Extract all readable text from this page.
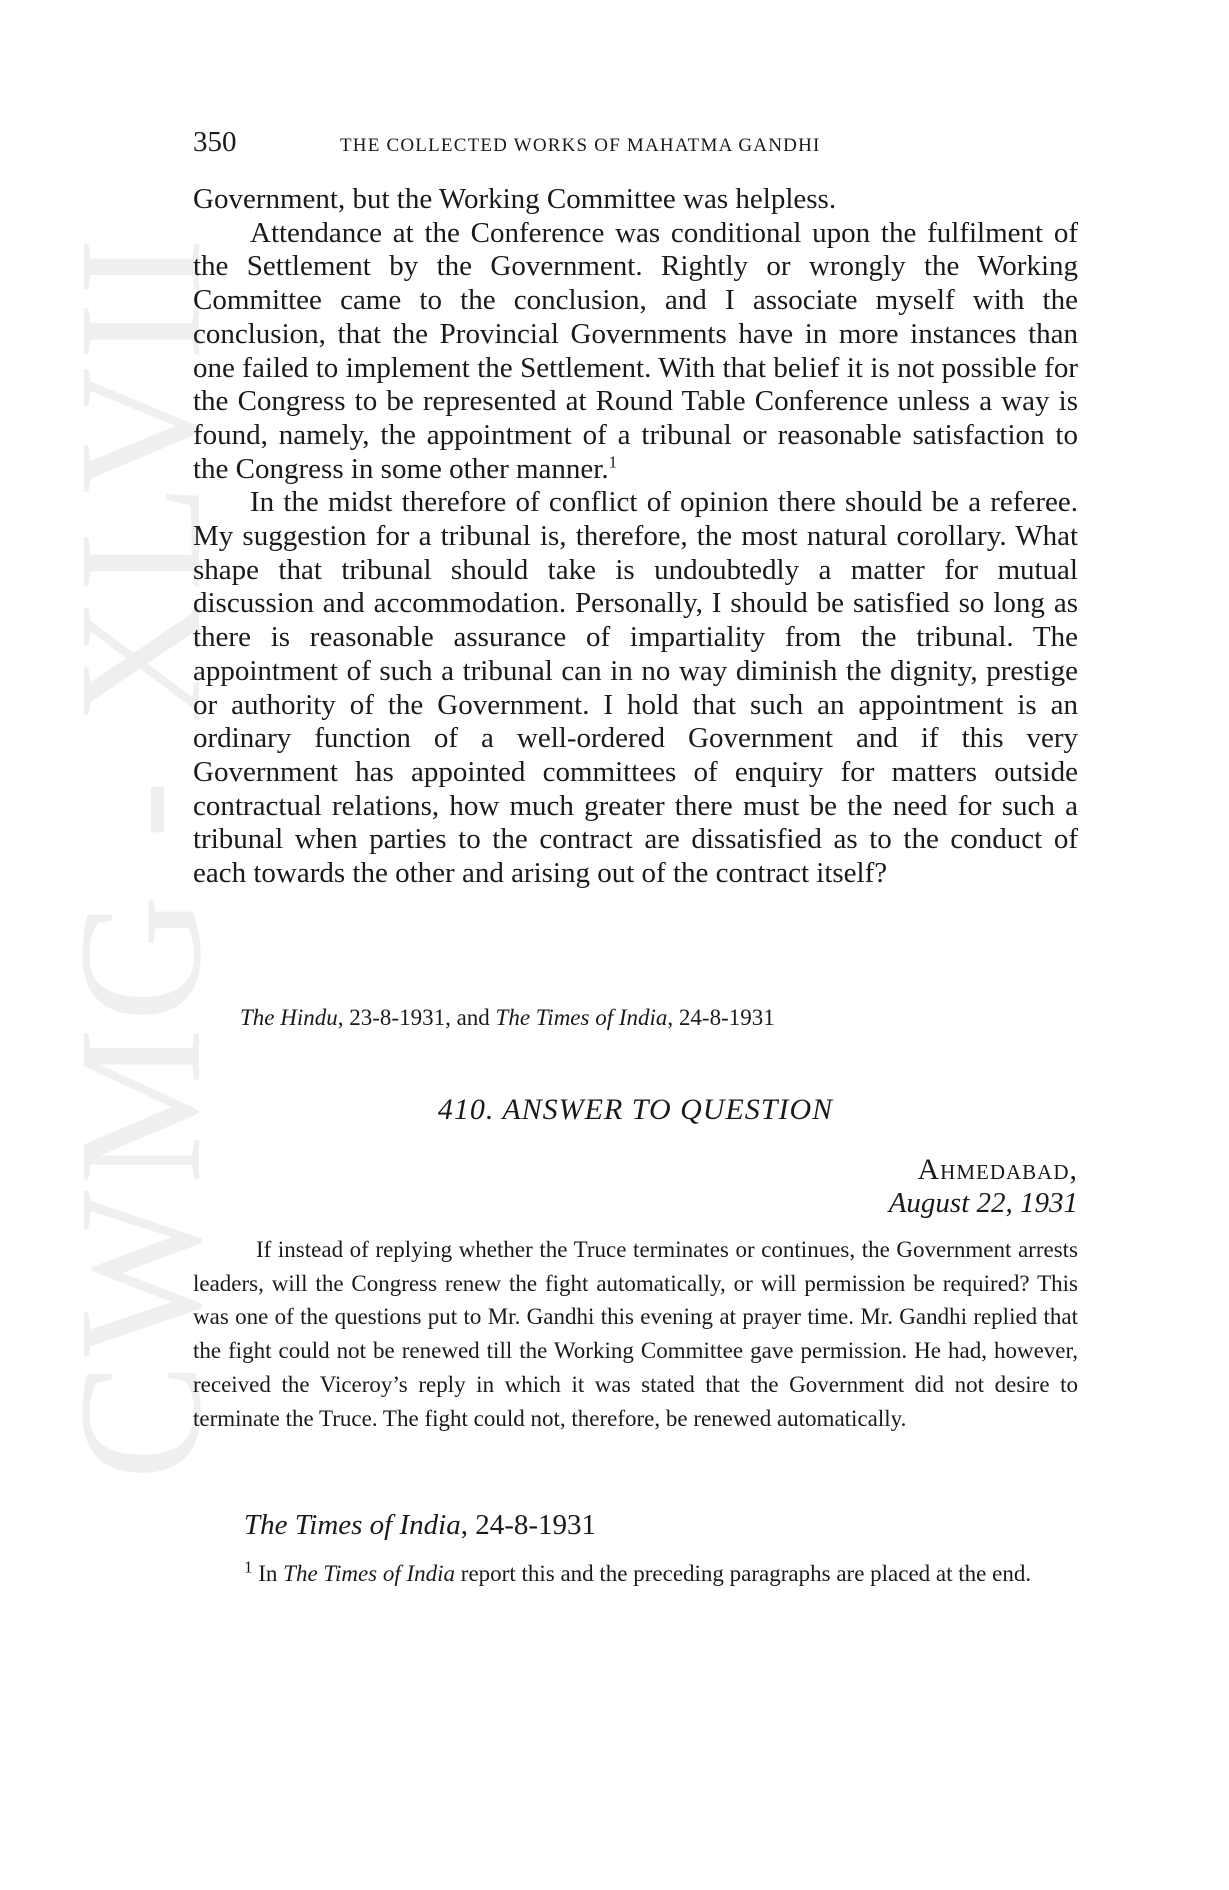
CWMG - XLVII
350	THE COLLECTED WORKS OF MAHATMA GANDHI

Government, but the Working Committee was helpless.

Attendance at the Conference was conditional upon the fulfilment of the Settlement by the Government. Rightly or wrongly the Working Committee came to the conclusion, and I associate myself with the conclusion, that the Provincial Governments have in more instances than one failed to implement the Settlement. With that belief it is not possible for the Congress to be represented at Round Table Conference unless a way is found, namely, the appointment of a tribunal or reasonable satisfaction to the Congress in some other manner.$^1$

In the midst therefore of conflict of opinion there should be a referee. My suggestion for a tribunal is, therefore, the most natural corollary. What shape that tribunal should take is undoubtedly a matter for mutual discussion and accommodation. Personally, I should be satisfied so long as there is reasonable assurance of impartiality from the tribunal. The appointment of such a tribunal can in no way diminish the dignity, prestige or authority of the Government. I hold that such an appointment is an ordinary function of a well-ordered Government and if this very Government has appointed committees of enquiry for matters outside contractual relations, how much greater there must be the need for such a tribunal when parties to the contract are dissatisfied as to the conduct of each towards the other and arising out of the contract itself?

The Hindu, 23-8-1931, and The Times of India, 24-8-1931
410. ANSWER TO QUESTION
Ahmedabad,
August 22, 1931

If instead of replying whether the Truce terminates or continues, the Government arrests leaders, will the Congress renew the fight automatically, or will permission be required? This was one of the questions put to Mr. Gandhi this evening at prayer time. Mr. Gandhi replied that the fight could not be renewed till the Working Committee gave permission. He had, however, received the Viceroy’s reply in which it was stated that the Government did not desire to terminate the Truce. The fight could not, therefore, be renewed automatically.

The Times of India, 24-8-1931

$^1$ In The Times of India report this and the preceding paragraphs are placed at the end.
